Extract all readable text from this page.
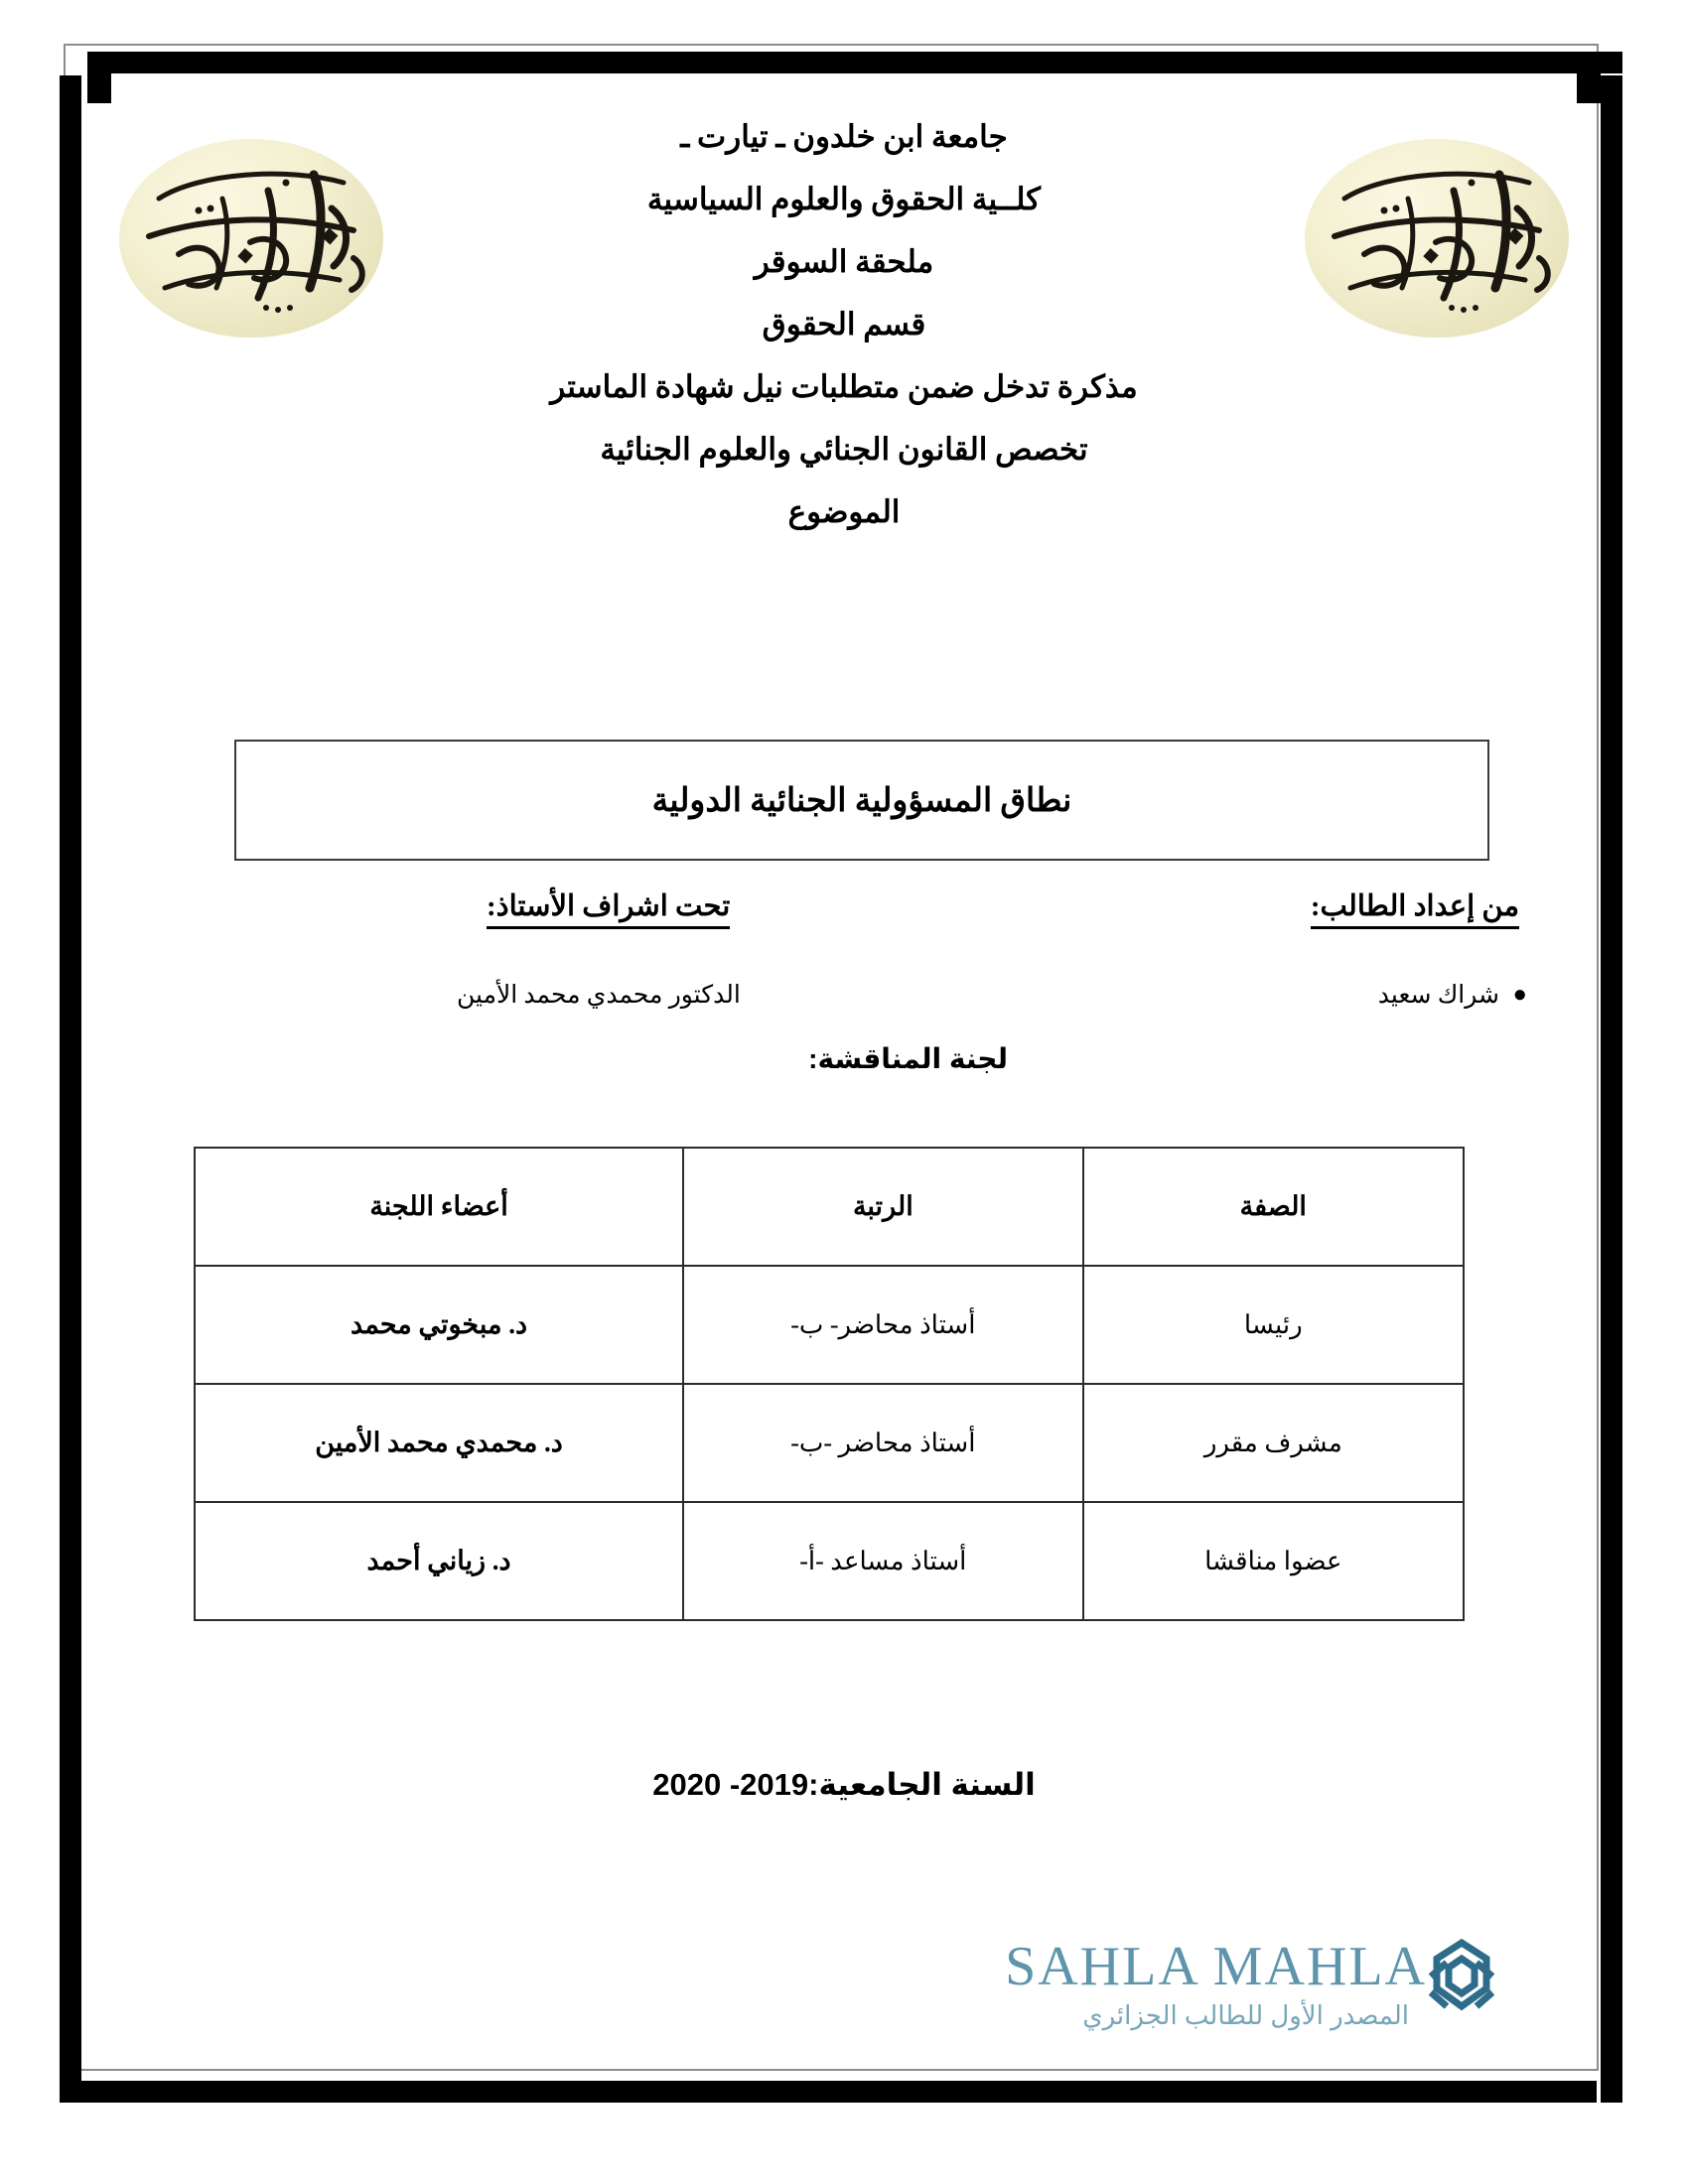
جامعة ابن خلدون ـ تيارت ـ

كلــية الحقوق والعلوم السياسية

ملحقة السوقر

قسم الحقوق

مذكرة تدخل ضمن متطلبات نيل شهادة الماستر

تخصص القانون الجنائي والعلوم الجنائية

الموضوع

نطاق المسؤولية الجنائية الدولية
من إعداد الطالب:
تحت اشراف الأستاذ:
●
شراك سعيد
الدكتور محمدي محمد الأمين
لجنة المناقشة:
الصفة	الرتبة	أعضاء اللجنة
رئيسا	أستاذ محاضر- ب-	د. مبخوتي محمد
مشرف مقرر	أستاذ محاضر -ب-	د. محمدي محمد الأمين
عضوا مناقشا	أستاذ مساعد -أ-	د. زياني أحمد
السنة الجامعية:2019- 2020
SAHLA MAHLA
المصدر الأول للطالب الجزائري
